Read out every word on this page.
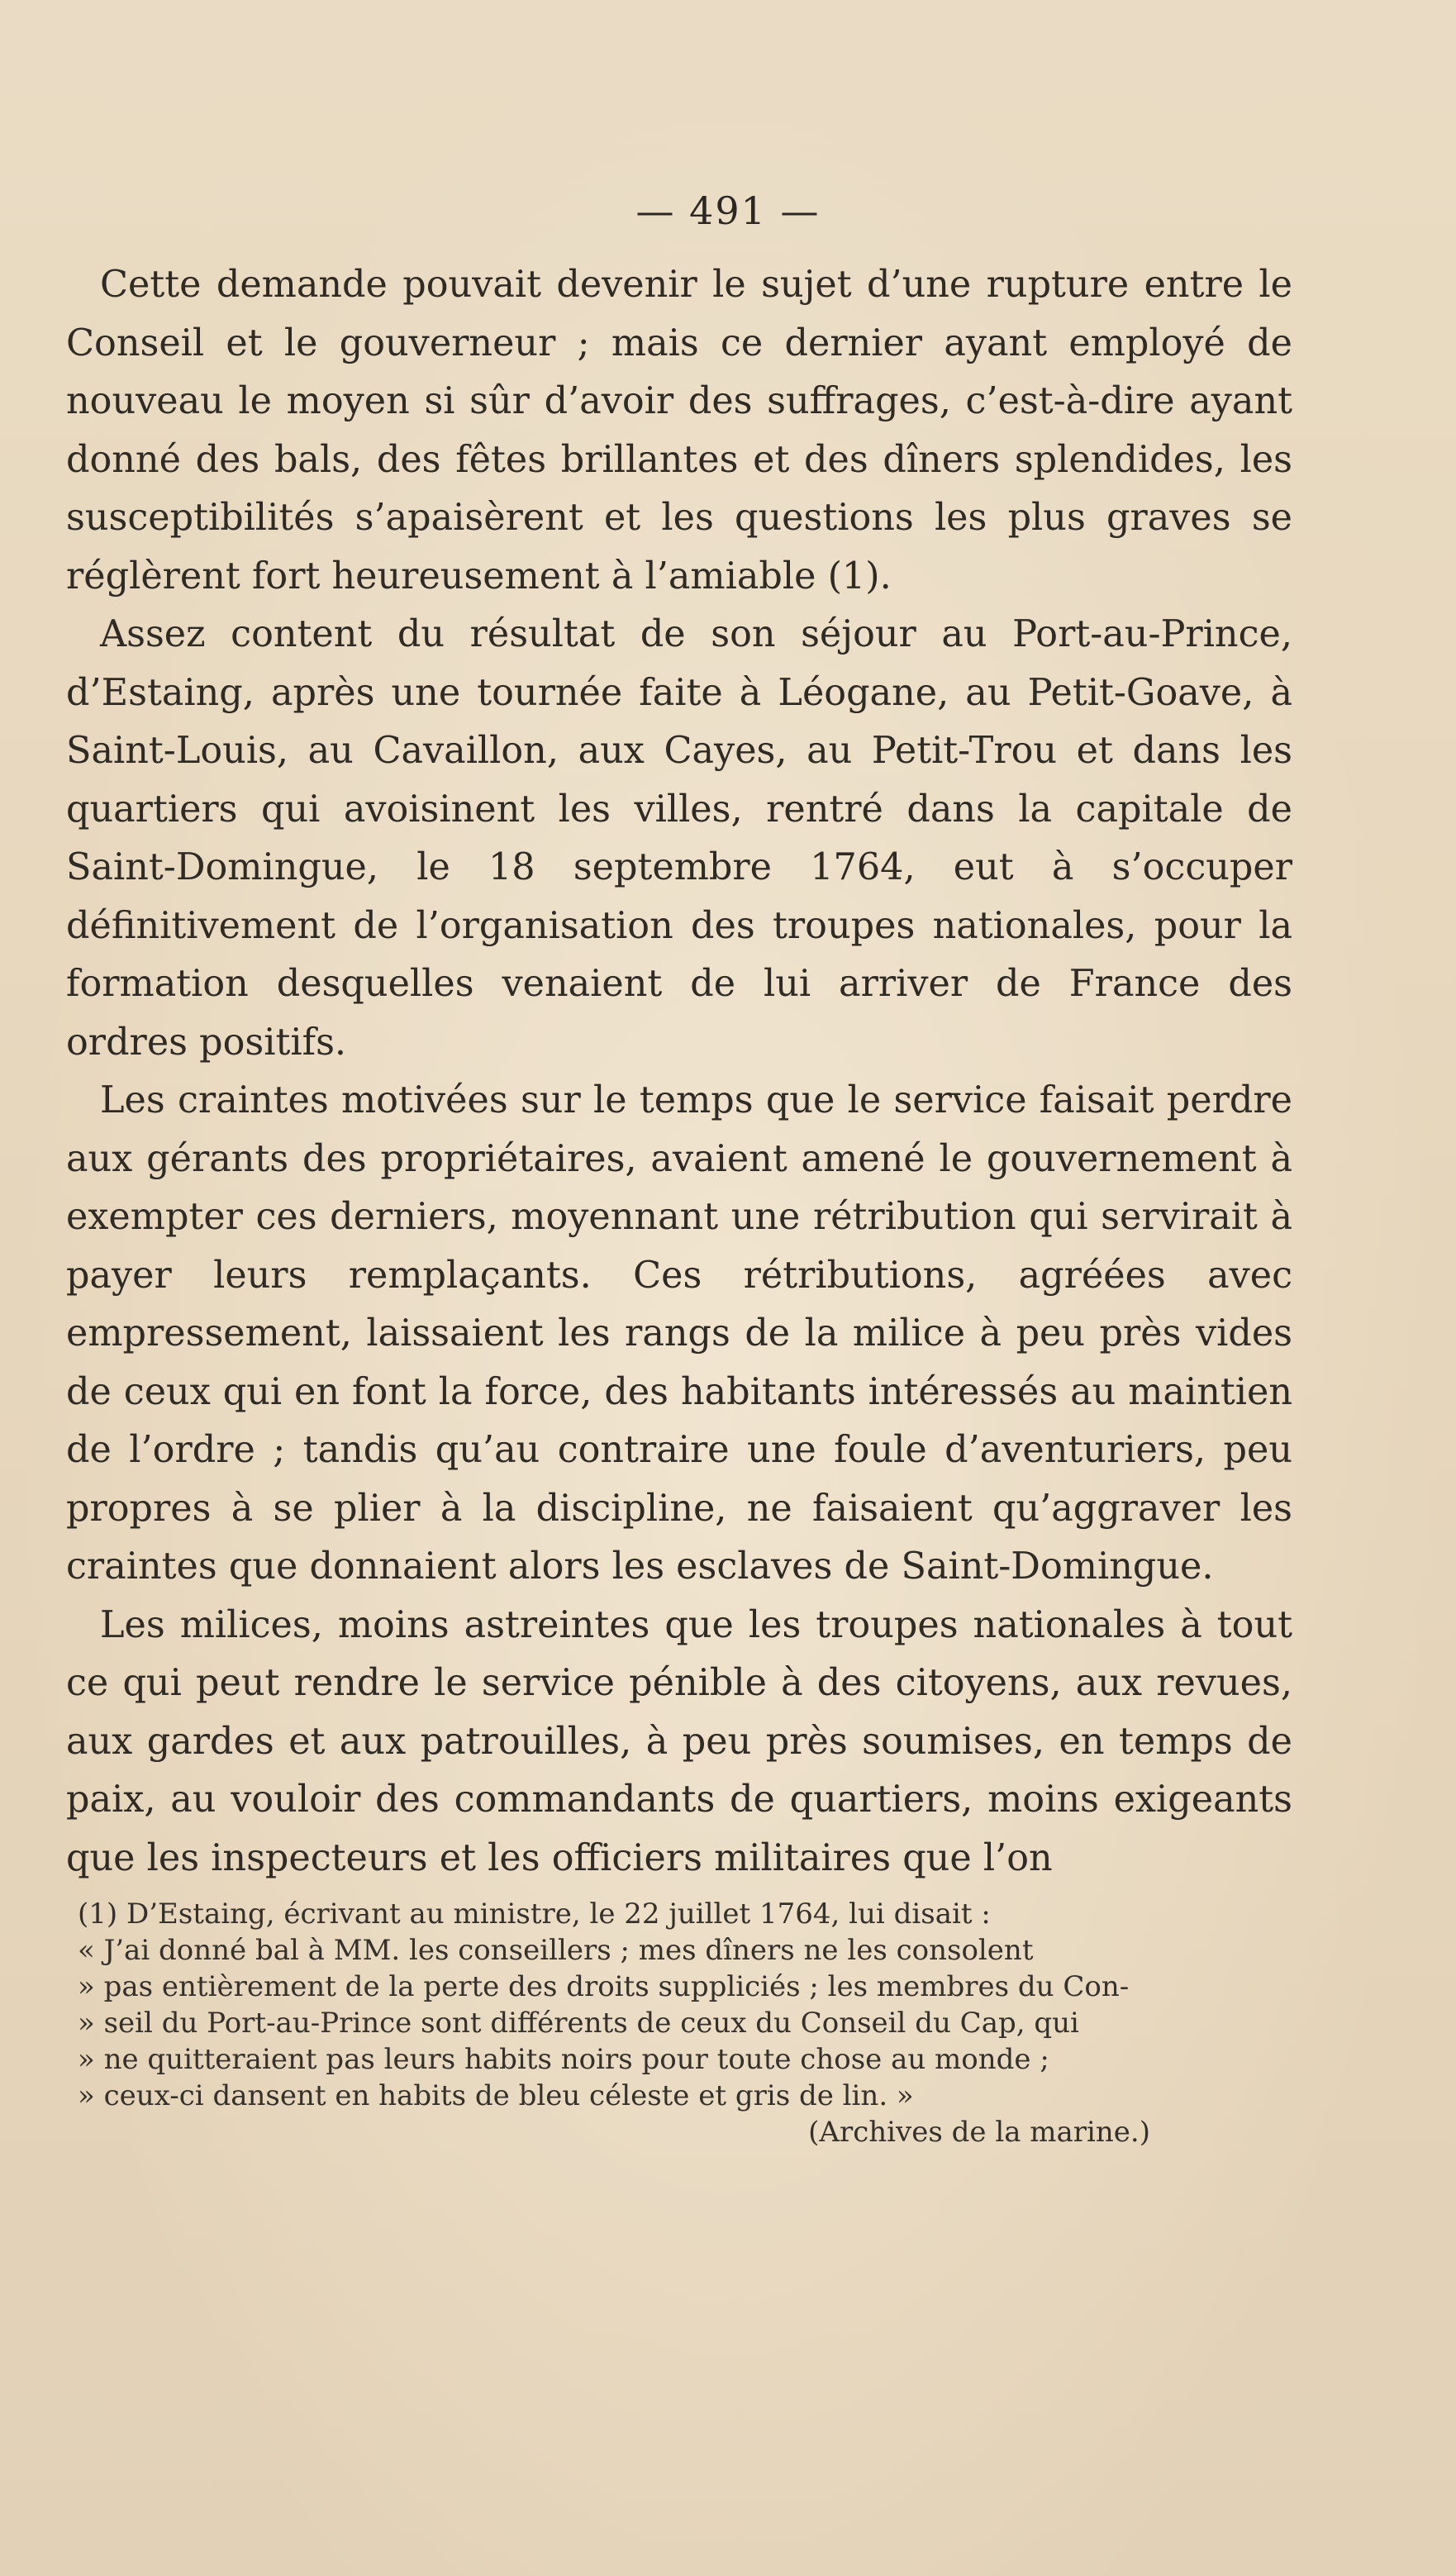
— 491 —

Cette demande pouvait devenir le sujet d’une rupture entre le Conseil et le gouverneur ; mais ce dernier ayant employé de nouveau le moyen si sûr d’avoir des suffrages, c’est-à-dire ayant donné des bals, des fêtes brillantes et des dîners splendides, les susceptibilités s’apaisèrent et les questions les plus graves se réglèrent fort heureusement à l’amiable (1).

Assez content du résultat de son séjour au Port-au-Prince, d’Estaing, après une tournée faite à Léogane, au Petit-Goave, à Saint-Louis, au Cavaillon, aux Cayes, au Petit-Trou et dans les quartiers qui avoisinent les villes, rentré dans la capitale de Saint-Domingue, le 18 septembre 1764, eut à s’occuper définitivement de l’organisation des troupes nationales, pour la formation desquelles venaient de lui arriver de France des ordres positifs.

Les craintes motivées sur le temps que le service faisait perdre aux gérants des propriétaires, avaient amené le gouvernement à exempter ces derniers, moyennant une rétribution qui servirait à payer leurs remplaçants. Ces rétributions, agréées avec empressement, laissaient les rangs de la milice à peu près vides de ceux qui en font la force, des habitants intéressés au maintien de l’ordre ; tandis qu’au contraire une foule d’aventuriers, peu propres à se plier à la discipline, ne faisaient qu’aggraver les craintes que donnaient alors les esclaves de Saint-Domingue.

Les milices, moins astreintes que les troupes nationales à tout ce qui peut rendre le service pénible à des citoyens, aux revues, aux gardes et aux patrouilles, à peu près soumises, en temps de paix, au vouloir des commandants de quartiers, moins exigeants que les inspecteurs et les officiers militaires que l’on

(1) D’Estaing, écrivant au ministre, le 22 juillet 1764, lui disait :

« J’ai donné bal à MM. les conseillers ; mes dîners ne les consolent

» pas entièrement de la perte des droits suppliciés ; les membres du Con-

» seil du Port-au-Prince sont différents de ceux du Conseil du Cap, qui

» ne quitteraient pas leurs habits noirs pour toute chose au monde ;

» ceux-ci dansent en habits de bleu céleste et gris de lin. »

(Archives de la marine.)
